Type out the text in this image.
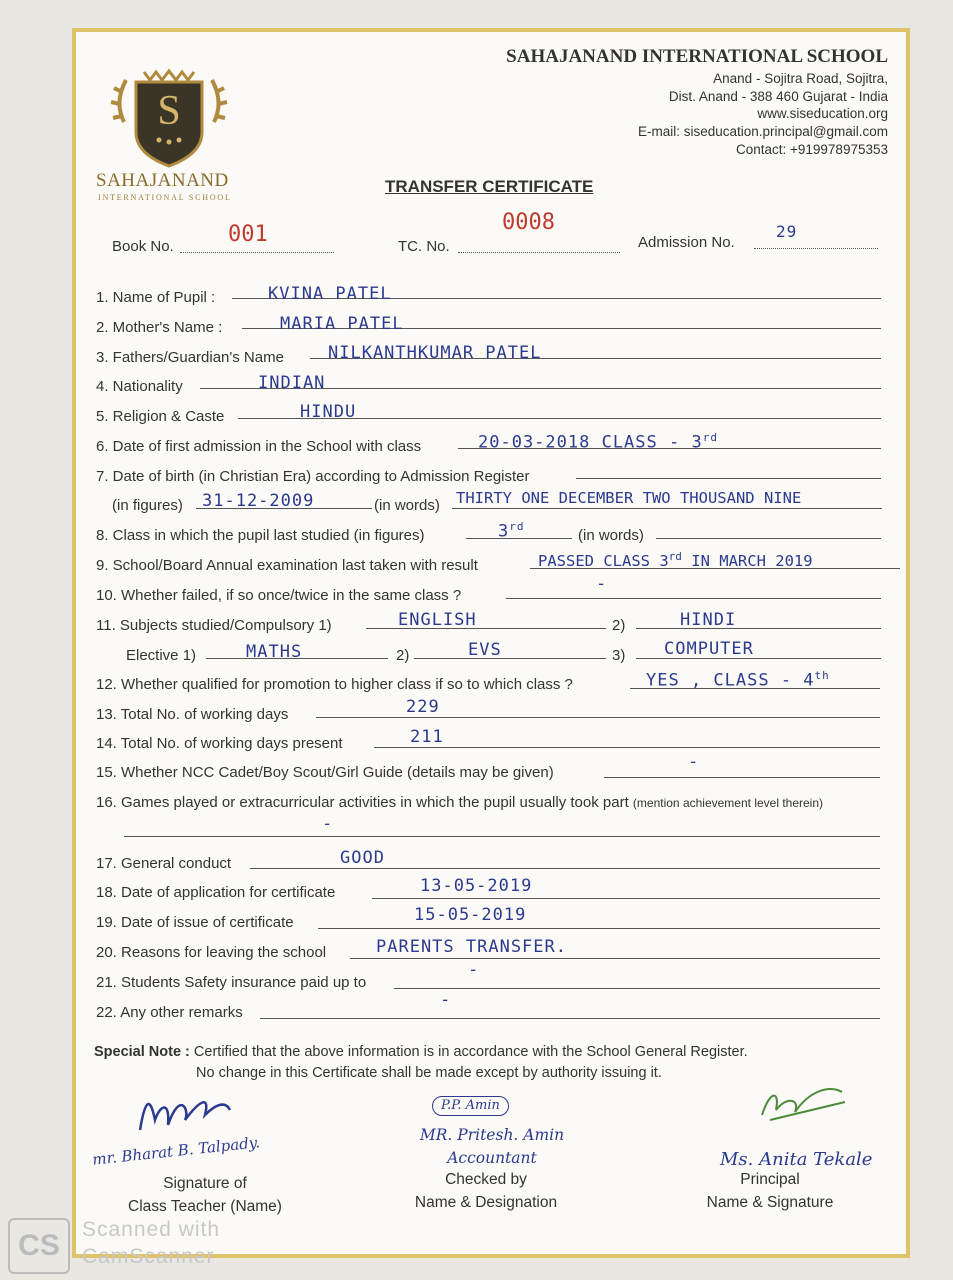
S
SAHAJANAND
INTERNATIONAL SCHOOL
SAHAJANAND INTERNATIONAL SCHOOL
Anand - Sojitra Road, Sojitra,
Dist. Anand - 388 460 Gujarat - India
www.siseducation.org
E-mail: siseducation.principal@gmail.com
Contact: +919978975353
TRANSFER CERTIFICATE
Book No. 001	TC. No.
0008
Admission No.
29
1. Name of Pupil :	KVINA PATEL
2. Mother's Name :	MARIA PATEL
3. Fathers/Guardian's Name	NILKANTHKUMAR PATEL
4. Nationality	INDIAN
5. Religion & Caste	HINDU
6. Date of first admission in the School with class	20-03-2018 CLASS - 3rd
7. Date of birth (in Christian Era) according to Admission Register
(in figures) 31-12-2009	(in words) THIRTY ONE DECEMBER TWO THOUSAND NINE
8. Class in which the pupil last studied (in figures)	3rd
(in words)
9. School/Board Annual examination last taken with result	PASSED CLASS 3rd IN MARCH 2019
10. Whether failed, if so once/twice in the same class ?
-
11. Subjects studied/Compulsory 1)	ENGLISH	2)	HINDI
Elective 1)	MATHS	2)	EVS	3) COMPUTER
12. Whether qualified for promotion to higher class if so to which class ?	YES , CLASS - 4th
13. Total No. of working days	229
14. Total No. of working days present	211
15. Whether NCC Cadet/Boy Scout/Girl Guide (details may be given)
-
16. Games played or extracurricular activities in which the pupil usually took part (mention achievement level therein)
-
17. General conduct	GOOD
18. Date of application for certificate	13-05-2019
19. Date of issue of certificate	15-05-2019
20. Reasons for leaving the school	PARENTS TRANSFER.
21. Students Safety insurance paid up to
-
22. Any other remarks
-
Special Note : Certified that the above information is in accordance with the School General Register.
No change in this Certificate shall be made except by authority issuing it.
mr. Bharat B. Talpady.
Signature of
Class Teacher (Name)
P.P. Amin
MR. Pritesh. Amin
Accountant
Checked by
Name & Designation
Ms. Anita Tekale
Principal
Name & Signature
CS	Scanned with
CamScanner
